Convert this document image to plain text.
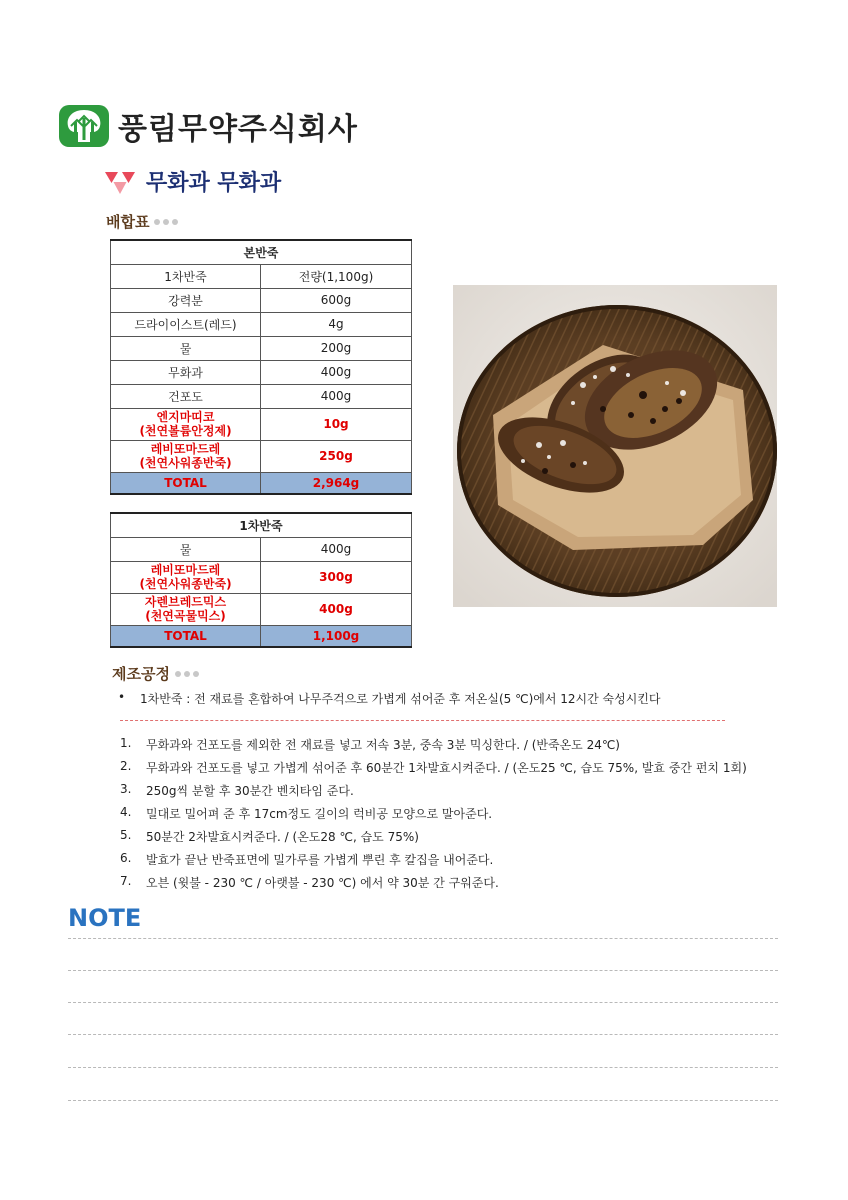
풍림무약주식회사
무화과 무화과
배합표
본반죽	
1차반죽	전량(1,100g)
강력분	600g
드라이이스트(레드)	4g
물	200g
무화과	400g
건포도	400g

엔지마띠코
(천연볼륨안정제)	10g

레비또마드레
(천연사워종반죽)	250g
TOTAL	2,964g
1차반죽	
물	400g

레비또마드레
(천연사워종반죽)	300g

자렌브레드믹스
(천연곡물믹스)	400g
TOTAL	1,100g
제조공정
•	1차반죽 : 전 재료를 혼합하여 나무주걱으로 가볍게 섞어준 후 저온실(5 ℃)에서 12시간 숙성시킨다
1.	무화과와 건포도를 제외한 전 재료를 넣고 저속 3분, 중속 3분 믹싱한다. / (반죽온도 24℃)
2.	무화과와 건포도를 넣고 가볍게 섞어준 후 60분간 1차발효시켜준다. / (온도25 ℃, 습도 75%, 발효 중간 펀치 1회)
3.	250g씩 분할 후 30분간 벤치타임 준다.
4.	밀대로 밀어펴 준 후 17cm정도 길이의 럭비공 모양으로 말아준다.
5.	50분간 2차발효시켜준다. / (온도28 ℃, 습도 75%)
6.	발효가 끝난 반죽표면에 밀가루를 가볍게 뿌린 후 칼집을 내어준다.
7.	오븐 (윗불 - 230 ℃ / 아랫불 - 230 ℃) 에서 약 30분 간 구워준다.
NOTE
